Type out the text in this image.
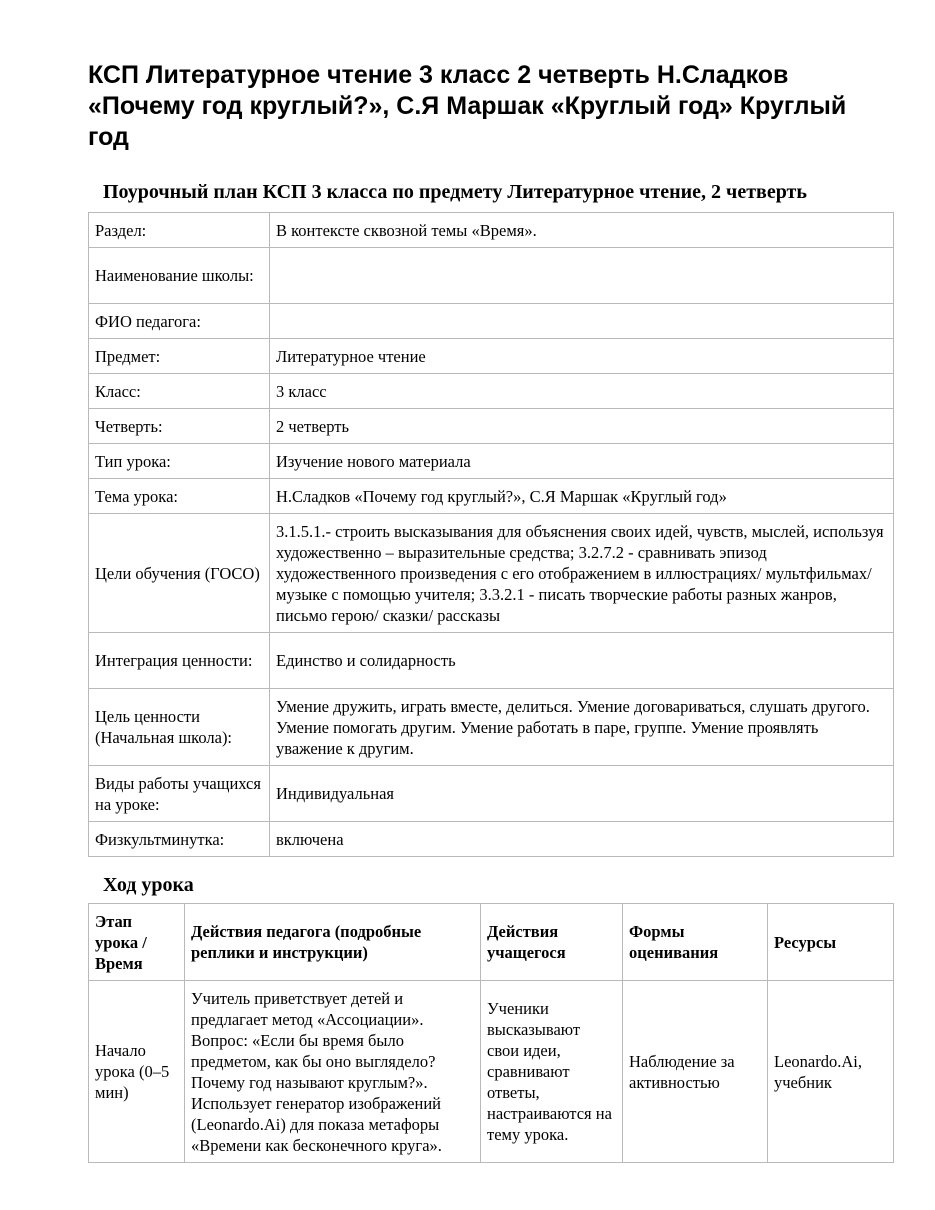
КСП Литературное чтение 3 класс 2 четверть Н.Сладков «Почему год круглый?», С.Я Маршак «Круглый год» Круглый год
Поурочный план КСП 3 класса по предмету Литературное чтение, 2 четверть
Раздел:	В контексте сквозной темы «Время».
Наименование школы:	
ФИО педагога:	
Предмет:	Литературное чтение
Класс:	3 класс
Четверть:	2 четверть
Тип урока:	Изучение нового материала
Тема урока:	Н.Сладков «Почему год круглый?», С.Я Маршак «Круглый год»
Цели обучения (ГОСО)	3.1.5.1.- строить высказывания для объяснения своих идей, чувств, мыслей, используя художественно – выразительные средства; 3.2.7.2 - сравнивать эпизод художественного произведения с его отображением в иллюстрациях/ мультфильмах/ музыке с помощью учителя; 3.3.2.1 - писать творческие работы разных жанров, письмо герою/ сказки/ рассказы
Интеграция ценности:	Единство и солидарность
Цель ценности (Начальная школа):	Умение дружить, играть вместе, делиться. Умение договариваться, слушать другого. Умение помогать другим. Умение работать в паре, группе. Умение проявлять уважение к другим.
Виды работы учащихся на уроке:	Индивидуальная
Физкультминутка:	включена
Ход урока
Этап урока / Время	Действия педагога (подробные реплики и инструкции)	Действия учащегося	Формы оценивания	Ресурсы
Начало урока (0–5 мин)	Учитель приветствует детей и предлагает метод «Ассоциации». Вопрос: «Если бы время было предметом, как бы оно выглядело? Почему год называют круглым?». Использует генератор изображений (Leonardo.Ai) для показа метафоры «Времени как бесконечного круга».	Ученики высказывают свои идеи, сравнивают ответы, настраиваются на тему урока.	Наблюдение за активностью	Leonardo.Ai, учебник
